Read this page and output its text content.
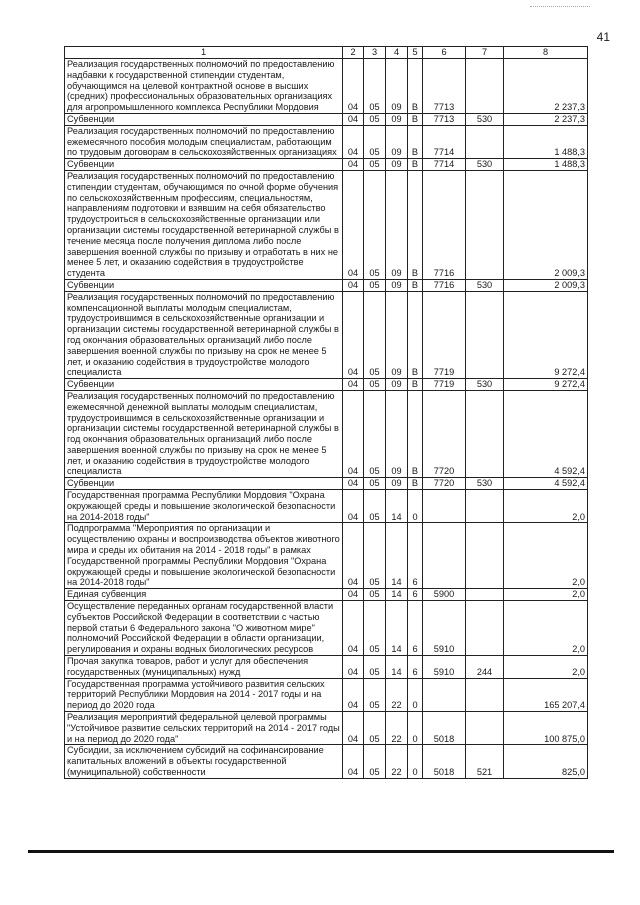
41
1	2	3	4	5	6	7	8
Реализация государственных полномочий по предоставлению надбавки к государственной стипендии студентам, обучающимся на целевой контрактной основе в высших (средних) профессиональных образовательных организациях для агропромышленного комплекса Республики Мордовия	04	05	09	В	7713		2 237,3
Субвенции	04	05	09	В	7713	530	2 237,3
Реализация государственных полномочий по предоставлению ежемесячного пособия молодым специалистам, работающим по трудовым договорам в сельскохозяйственных организациях	04	05	09	В	7714		1 488,3
Субвенции	04	05	09	В	7714	530	1 488,3
Реализация государственных полномочий по предоставлению стипендии студентам, обучающимся по очной форме обучения по сельскохозяйственным профессиям, специальностям, направлениям подготовки и взявшим на себя обязательство трудоустроиться в сельскохозяйственные организации или организации системы государственной ветеринарной службы в течение месяца после получения диплома либо после завершения военной службы по призыву и отработать в них не менее 5 лет, и оказанию содействия в трудоустройстве студента	04	05	09	В	7716		2 009,3
Субвенции	04	05	09	В	7716	530	2 009,3
Реализация государственных полномочий по предоставлению компенсационной выплаты молодым специалистам, трудоустроившимся в сельскохозяйственные организации и организации системы государственной ветеринарной службы в год окончания образовательных организаций либо после завершения военной службы по призыву на срок не менее 5 лет, и оказанию содействия в трудоустройстве молодого специалиста	04	05	09	В	7719		9 272,4
Субвенции	04	05	09	В	7719	530	9 272,4
Реализация государственных полномочий по предоставлению ежемесячной денежной выплаты молодым специалистам, трудоустроившимся в сельскохозяйственные организации и организации системы государственной ветеринарной службы в год окончания образовательных организаций либо после завершения военной службы по призыву на срок не менее 5 лет, и оказанию содействия в трудоустройстве молодого специалиста	04	05	09	В	7720		4 592,4
Субвенции	04	05	09	В	7720	530	4 592,4
Государственная программа Республики Мордовия "Охрана окружающей среды и повышение экологической безопасности на 2014-2018 годы"	04	05	14	0			2,0
Подпрограмма "Мероприятия по организации и осуществлению охраны и воспроизводства объектов животного мира и среды их обитания на 2014 - 2018 годы" в рамках Государственной программы Республики Мордовия "Охрана окружающей среды и повышение экологической безопасности на 2014-2018 годы"	04	05	14	6			2,0
Единая субвенция	04	05	14	6	5900		2,0
Осуществление переданных органам государственной власти субъектов Российской Федерации в соответствии с частью первой статьи 6 Федерального закона "О животном мире" полномочий Российской Федерации в области организации, регулирования и охраны водных биологических ресурсов	04	05	14	6	5910		2,0
Прочая закупка товаров, работ и услуг для обеспечения государственных (муниципальных) нужд	04	05	14	6	5910	244	2,0
Государственная программа устойчивого развития сельских территорий Республики Мордовия на 2014 - 2017 годы и на период до 2020 года	04	05	22	0			165 207,4
Реализация мероприятий федеральной целевой программы "Устойчивое развитие сельских территорий на 2014 - 2017 годы и на период до 2020 года"	04	05	22	0	5018		100 875,0
Субсидии, за исключением субсидий на софинансирование капитальных вложений в объекты государственной (муниципальной) собственности	04	05	22	0	5018	521	825,0
